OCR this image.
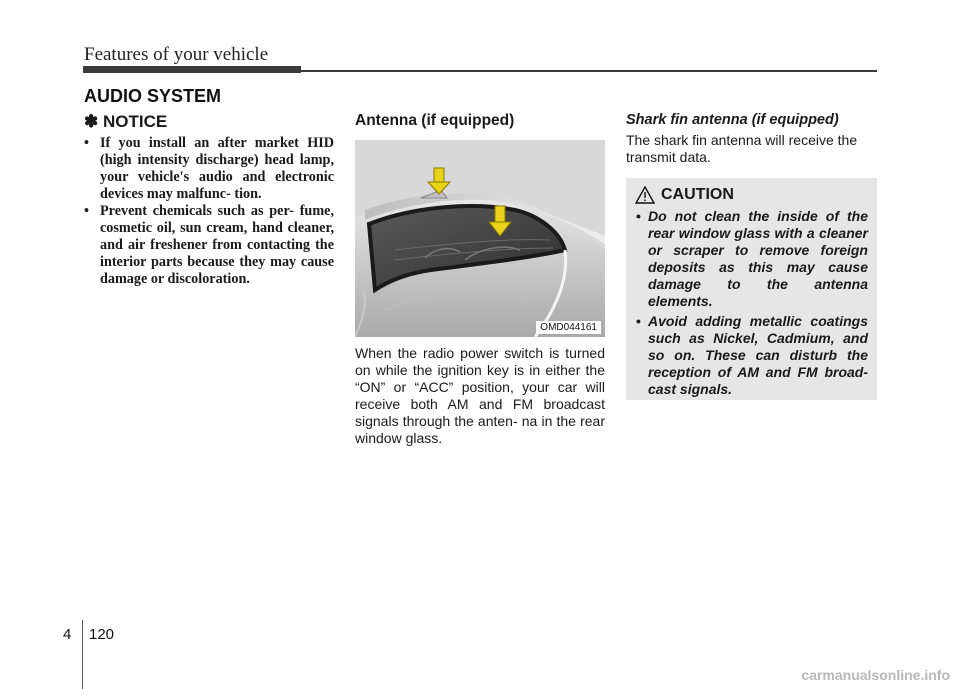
Features of your vehicle
AUDIO SYSTEM
✽ NOTICE
• If you install an after market HID (high intensity discharge) head lamp, your vehicle's audio and electronic devices may malfunc- tion.
• Prevent chemicals such as per- fume, cosmetic oil, sun cream, hand cleaner, and air freshener from contacting the interior parts because they may cause damage or discoloration.
Antenna (if equipped)
OMD044161

When the radio power switch is turned on while the ignition key is in either the “ON” or “ACC” position, your car will receive both AM and FM broadcast signals through the anten- na in the rear window glass.

Shark fin antenna (if equipped)

The shark fin antenna will receive the transmit data.

CAUTION
• Do not clean the inside of the rear window glass with a cleaner or scraper to remove foreign deposits as this may cause damage to the antenna elements.
• Avoid adding metallic coatings such as Nickel, Cadmium, and so on. These can disturb the reception of AM and FM broad- cast signals.
4 120
carmanualsonline.info
